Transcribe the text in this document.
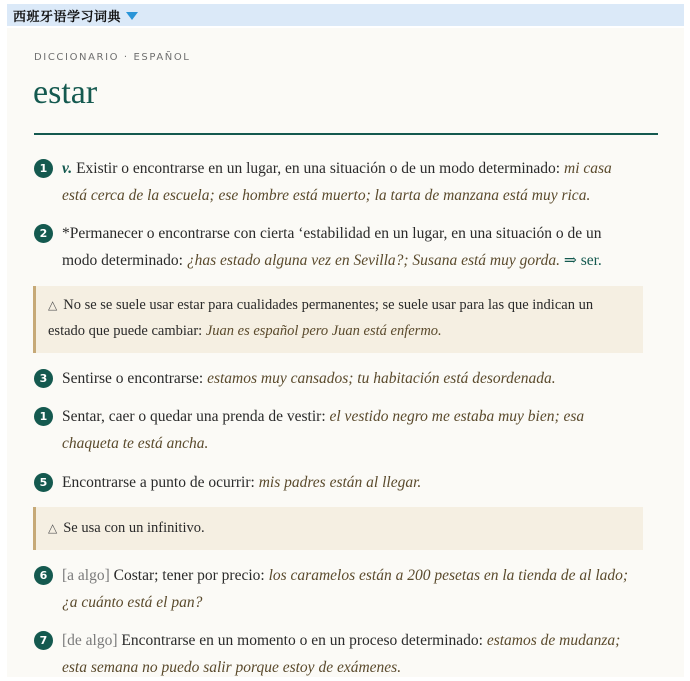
西班牙语学习词典
DICCIONARIO · ESPAÑOL
estar
1 v. Existir o encontrarse en un lugar, en una situación o de un modo determinado: mi casa está cerca de la escuela; ese hombre está muerto; la tarta de manzana está muy rica.
2 *Permanecer o encontrarse con cierta ‘estabilidad en un lugar, en una situación o de un modo determinado: ¿has estado alguna vez en Sevilla?; Susana está muy gorda. ⇒ ser.
△ No se se suele usar estar para cualidades permanentes; se suele usar para las que indican un estado que puede cambiar: Juan es español pero Juan está enfermo.
3 Sentirse o encontrarse: estamos muy cansados; tu habitación está desordenada.
1 Sentar, caer o quedar una prenda de vestir: el vestido negro me estaba muy bien; esa chaqueta te está ancha.
5 Encontrarse a punto de ocurrir: mis padres están al llegar.
△ Se usa con un infinitivo.
6 [a algo] Costar; tener por precio: los caramelos están a 200 pesetas en la tienda de al lado; ¿a cuánto está el pan?
7 [de algo] Encontrarse en un momento o en un proceso determinado: estamos de mudanza; esta semana no puedo salir porque estoy de exámenes.
